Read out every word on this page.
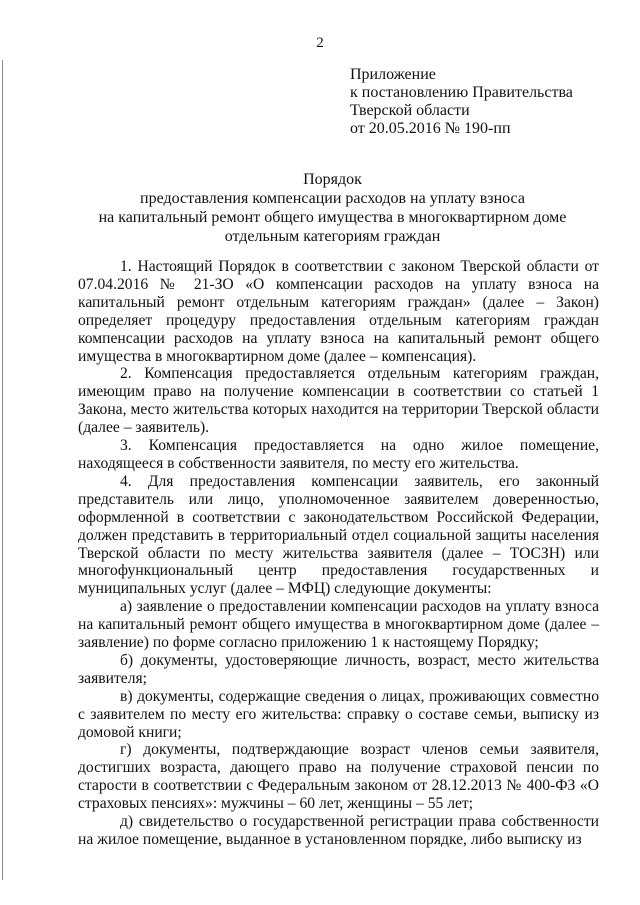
2
Приложение
к постановлению Правительства
Тверской области
от 20.05.2016 № 190-пп
Порядок
предоставления компенсации расходов на уплату взноса
на капитальный ремонт общего имущества в многоквартирном доме
отдельным категориям граждан

1. Настоящий Порядок в соответствии с законом Тверской области от 07.04.2016 № 21-ЗО «О компенсации расходов на уплату взноса на капитальный ремонт отдельным категориям граждан» (далее – Закон) определяет процедуру предоставления отдельным категориям граждан компенсации расходов на уплату взноса на капитальный ремонт общего имущества в многоквартирном доме (далее – компенсация).

2. Компенсация предоставляется отдельным категориям граждан, имеющим право на получение компенсации в соответствии со статьей 1 Закона, место жительства которых находится на территории Тверской области (далее – заявитель).

3. Компенсация предоставляется на одно жилое помещение, находящееся в собственности заявителя, по месту его жительства.

4. Для предоставления компенсации заявитель, его законный представитель или лицо, уполномоченное заявителем доверенностью, оформленной в соответствии с законодательством Российской Федерации, должен представить в территориальный отдел социальной защиты населения Тверской области по месту жительства заявителя (далее – ТОСЗН) или многофункциональный центр предоставления государственных и муниципальных услуг (далее – МФЦ) следующие документы:

а) заявление о предоставлении компенсации расходов на уплату взноса на капитальный ремонт общего имущества в многоквартирном доме (далее – заявление) по форме согласно приложению 1 к настоящему Порядку;

б) документы, удостоверяющие личность, возраст, место жительства заявителя;

в) документы, содержащие сведения о лицах, проживающих совместно с заявителем по месту его жительства: справку о составе семьи, выписку из домовой книги;

г) документы, подтверждающие возраст членов семьи заявителя, достигших возраста, дающего право на получение страховой пенсии по старости в соответствии с Федеральным законом от 28.12.2013 № 400-ФЗ «О страховых пенсиях»: мужчины – 60 лет, женщины – 55 лет;

д) свидетельство о государственной регистрации права собственности на жилое помещение, выданное в установленном порядке, либо выписку из
